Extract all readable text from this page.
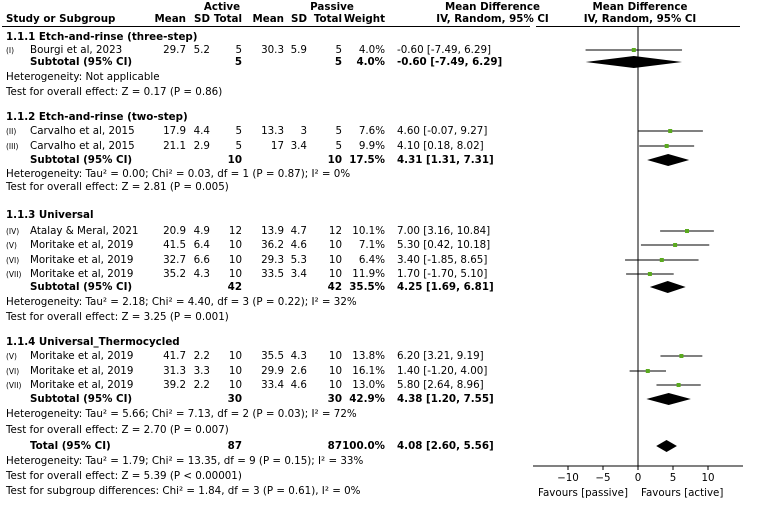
Active	Passive	Mean Difference
IV, Random, 95% CI
Mean Difference
IV, Random, 95% CI
Study or Subgroup	Mean SD Total	Mean SD Total Weight
1.1.1 Etch-and-rinse (three-step)
(I) Bourgi et al, 2023	29.7 5.2	5	30.3 5.9	5	4.0% -0.60 [-7.49, 6.29]
Subtotal (95% CI)	5	5	4.0% -0.60 [-7.49, 6.29]
Heterogeneity: Not applicable
Test for overall effect: Z = 0.17 (P = 0.86)
1.1.2 Etch-and-rinse (two-step)
(II) Carvalho et al, 2015	17.9 4.4	5	13.3	3	5	7.6% 4.60 [-0.07, 9.27]
(III) Carvalho et al, 2015	21.1 2.9	5	17 3.4	5	9.9% 4.10 [0.18, 8.02]
Subtotal (95% CI)	10	10 17.5% 4.31 [1.31, 7.31]
Heterogeneity: Tau² = 0.00; Chi² = 0.03, df = 1 (P = 0.87); I² = 0%
Test for overall effect: Z = 2.81 (P = 0.005)
1.1.3 Universal
(IV) Atalay & Meral, 2021	20.9 4.9	12	13.9 4.7	12 10.1% 7.00 [3.16, 10.84]
(V) Moritake et al, 2019	41.5 6.4	10	36.2 4.6	10	7.1% 5.30 [0.42, 10.18]
(VI) Moritake et al, 2019	32.7 6.6	10	29.3 5.3	10	6.4% 3.40 [-1.85, 8.65]
(VII) Moritake et al, 2019	35.2 4.3	10	33.5 3.4	10 11.9% 1.70 [-1.70, 5.10]
Subtotal (95% CI)	42	42 35.5% 4.25 [1.69, 6.81]
Heterogeneity: Tau² = 2.18; Chi² = 4.40, df = 3 (P = 0.22); I² = 32%
Test for overall effect: Z = 3.25 (P = 0.001)
1.1.4 Universal_Thermocycled
(V) Moritake et al, 2019	41.7 2.2	10	35.5 4.3	10 13.8% 6.20 [3.21, 9.19]
(VI) Moritake et al, 2019	31.3 3.3	10	29.9 2.6	10 16.1% 1.40 [-1.20, 4.00]
(VII) Moritake et al, 2019	39.2 2.2	10	33.4 4.6	10 13.0% 5.80 [2.64, 8.96]
Subtotal (95% CI)	30	30 42.9% 4.38 [1.20, 7.55]
Heterogeneity: Tau² = 5.66; Chi² = 7.13, df = 2 (P = 0.03); I² = 72%
Test for overall effect: Z = 2.70 (P = 0.007)
Total (95% CI)	87	87 100.0% 4.08 [2.60, 5.56]
Heterogeneity: Tau² = 1.79; Chi² = 13.35, df = 9 (P = 0.15); I² = 33%
Test for overall effect: Z = 5.39 (P < 0.00001)
Test for subgroup differences: Chi² = 1.84, df = 3 (P = 0.61), I² = 0%
−10 −5 0	5 10
Favours [passive] Favours [active]
